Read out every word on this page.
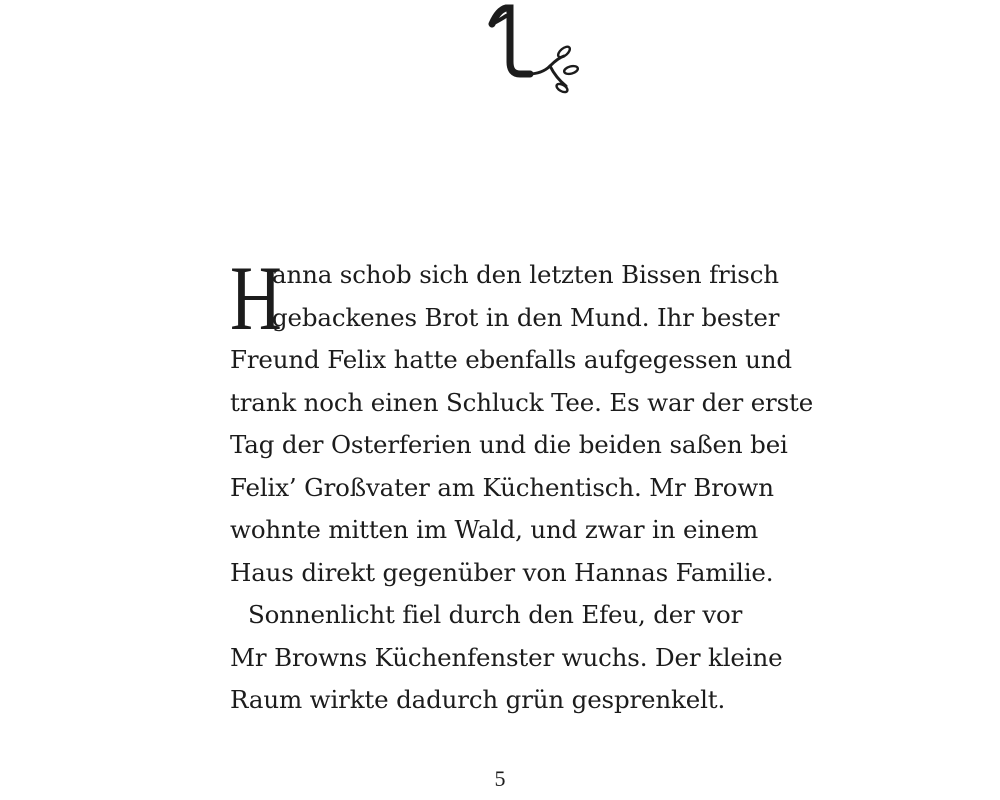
H
anna schob sich den letzten Bissen frisch
gebackenes Brot in den Mund. Ihr bester
Freund Felix hatte ebenfalls aufgegessen und
trank noch einen Schluck Tee. Es war der erste
Tag der Osterferien und die beiden saßen bei
Felix’ Großvater am Küchentisch. Mr Brown
wohnte mitten im Wald, und zwar in einem
Haus direkt gegenüber von Hannas Familie.
Sonnenlicht fiel durch den Efeu, der vor
Mr Browns Küchenfenster wuchs. Der kleine
Raum wirkte dadurch grün gesprenkelt.
5
